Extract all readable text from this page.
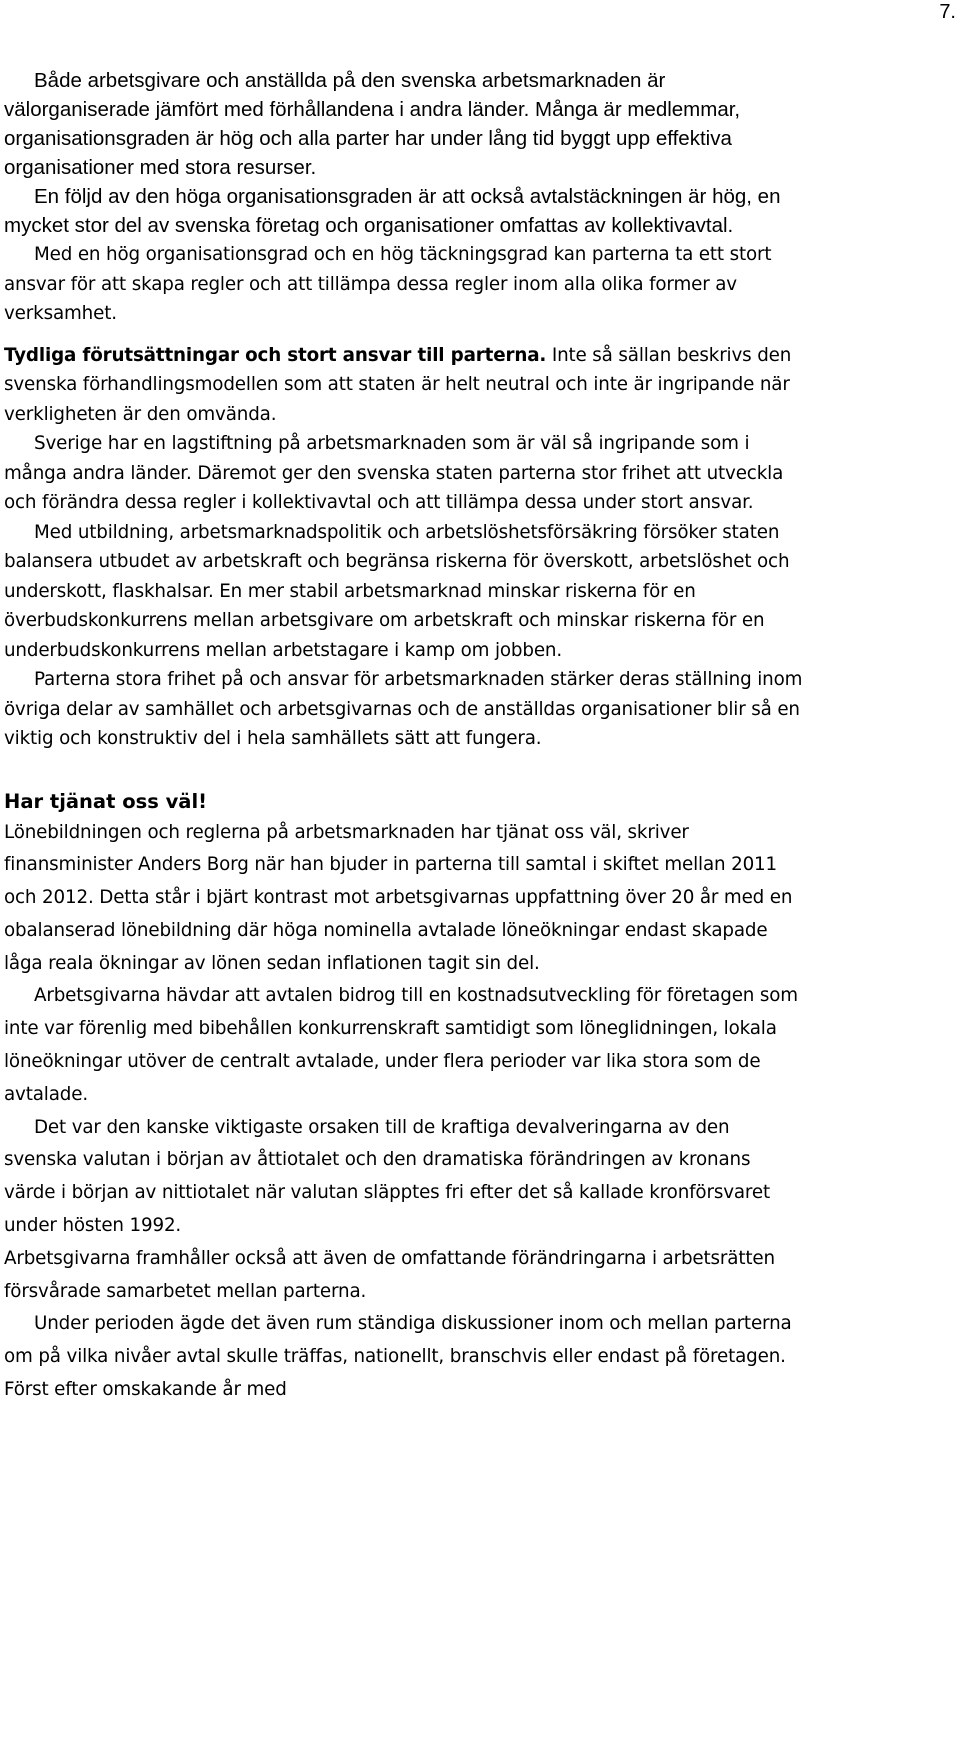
7.

Både arbetsgivare och anställda på den svenska arbetsmarknaden är välorganiserade jämfört med förhållandena i andra länder. Många är medlemmar, organisationsgraden är hög och alla parter har under lång tid byggt upp effektiva organisationer med stora resurser.

En följd av den höga organisationsgraden är att också avtalstäckningen är hög, en mycket stor del av svenska företag och organisationer omfattas av kollektivavtal.

Med en hög organisationsgrad och en hög täckningsgrad kan parterna ta ett stort ansvar för att skapa regler och att tillämpa dessa regler inom alla olika former av verksamhet.

Tydliga förutsättningar och stort ansvar till parterna. Inte så sällan beskrivs den svenska förhandlingsmodellen som att staten är helt neutral och inte är ingripande när verkligheten är den omvända.

Sverige har en lagstiftning på arbetsmarknaden som är väl så ingripande som i många andra länder. Däremot ger den svenska staten parterna stor frihet att utveckla och förändra dessa regler i kollektivavtal och att tillämpa dessa under stort ansvar.

Med utbildning, arbetsmarknadspolitik och arbetslöshetsförsäkring försöker staten balansera utbudet av arbetskraft och begränsa riskerna för överskott, arbetslöshet och underskott, flaskhalsar. En mer stabil arbetsmarknad minskar riskerna för en överbudskonkurrens mellan arbetsgivare om arbetskraft och minskar riskerna för en underbudskonkurrens mellan arbetstagare i kamp om jobben.

Parterna stora frihet på och ansvar för arbetsmarknaden stärker deras ställning inom övriga delar av samhället och arbetsgivarnas och de anställdas organisationer blir så en viktig och konstruktiv del i hela samhällets sätt att fungera.

Har tjänat oss väl!

Lönebildningen och reglerna på arbetsmarknaden har tjänat oss väl, skriver finansminister Anders Borg när han bjuder in parterna till samtal i skiftet mellan 2011 och 2012. Detta står i bjärt kontrast mot arbetsgivarnas uppfattning över 20 år med en obalanserad lönebildning där höga nominella avtalade löneökningar endast skapade låga reala ökningar av lönen sedan inflationen tagit sin del.

Arbetsgivarna hävdar att avtalen bidrog till en kostnadsutveckling för företagen som inte var förenlig med bibehållen konkurrenskraft samtidigt som löneglidningen, lokala löneökningar utöver de centralt avtalade, under flera perioder var lika stora som de avtalade.

Det var den kanske viktigaste orsaken till de kraftiga devalveringarna av den svenska valutan i början av åttiotalet och den dramatiska förändringen av kronans värde i början av nittiotalet när valutan släpptes fri efter det så kallade kronförsvaret under hösten 1992.

Arbetsgivarna framhåller också att även de omfattande förändringarna i arbetsrätten försvårade samarbetet mellan parterna.

Under perioden ägde det även rum ständiga diskussioner inom och mellan parterna om på vilka nivåer avtal skulle träffas, nationellt, branschvis eller endast på företagen. Först efter omskakande år med
